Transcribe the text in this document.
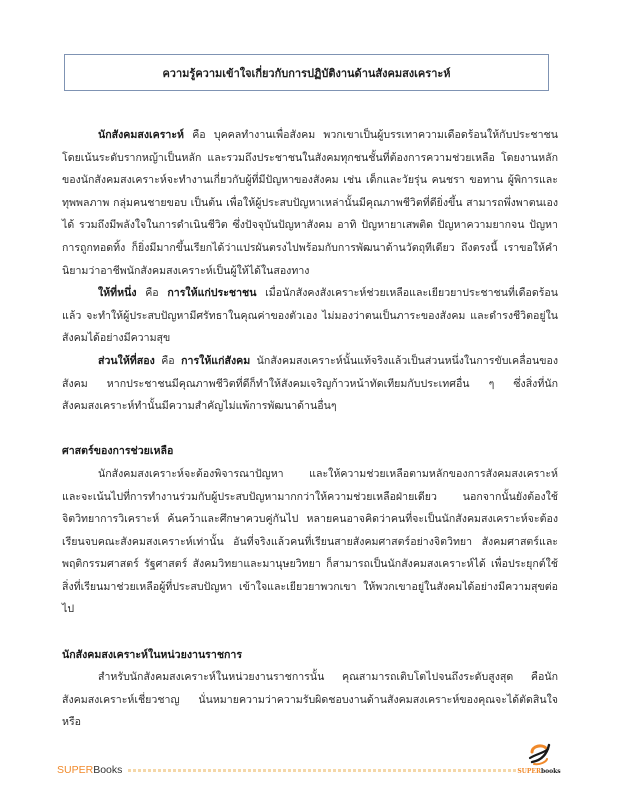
ความรู้ความเข้าใจเกี่ยวกับการปฏิบัติงานด้านสังคมสงเคราะห์

นักสังคมสงเคราะห์ คือ บุคคลทำงานเพื่อสังคม พวกเขาเป็นผู้บรรเทาความเดือดร้อนให้กับประชาชนโดยเน้นระดับรากหญ้าเป็นหลัก และรวมถึงประชาชนในสังคมทุกชนชั้นที่ต้องการความช่วยเหลือ โดยงานหลักของนักสังคมสงเคราะห์จะทำงานเกี่ยวกับผู้ที่มีปัญหาของสังคม เช่น เด็กและวัยรุ่น คนชรา ขอทาน ผู้พิการและทุพพลภาพ กลุ่มคนชายขอบ เป็นต้น เพื่อให้ผู้ประสบปัญหาเหล่านั้นมีคุณภาพชีวิตที่ดียิ่งขึ้น สามารถพึ่งพาตนเองได้ รวมถึงมีพลังใจในการดำเนินชีวิต ซึ่งปัจจุบันปัญหาสังคม อาทิ ปัญหายาเสพติด ปัญหาความยากจน ปัญหาการถูกทอดทิ้ง ก็ยิ่งมีมากขึ้นเรียกได้ว่าแปรผันตรงไปพร้อมกับการพัฒนาด้านวัตถุทีเดียว ถึงตรงนี้ เราขอให้คำนิยามว่าอาชีพนักสังคมสงเคราะห์เป็นผู้ให้ได้ในสองทาง

ให้ที่หนึ่ง คือ การให้แก่ประชาชน เมื่อนักสังคงสังเคราะห์ช่วยเหลือและเยียวยาประชาชนที่เดือดร้อนแล้ว จะทำให้ผู้ประสบปัญหามีศรัทธาในคุณค่าของตัวเอง ไม่มองว่าตนเป็นภาระของสังคม และดำรงชีวิตอยู่ในสังคมได้อย่างมีความสุข

ส่วนให้ที่สอง คือ การให้แก่สังคม นักสังคมสงเคราะห์นั้นแท้จริงแล้วเป็นส่วนหนึ่งในการขับเคลื่อนของสังคม หากประชาชนมีคุณภาพชีวิตที่ดีก็ทำให้สังคมเจริญก้าวหน้าทัดเทียมกับประเทศอื่น ๆ ซึ่งสิ่งที่นักสังคมสงเคราะห์ทำนั้นมีความสำคัญไม่แพ้การพัฒนาด้านอื่นๆ

ศาสตร์ของการช่วยเหลือ

นักสังคมสงเคราะห์จะต้องพิจารณาปัญหา และให้ความช่วยเหลือตามหลักของการสังคมสงเคราะห์ และจะเน้นไปที่การทำงานร่วมกับผู้ประสบปัญหามากกว่าให้ความช่วยเหลือฝ่ายเดียว นอกจากนั้นยังต้องใช้จิตวิทยาการวิเคราะห์ ค้นคว้าและศึกษาควบคู่กันไป หลายคนอาจคิดว่าคนที่จะเป็นนักสังคมสงเคราะห์จะต้องเรียนจบคณะสังคมสงเคราะห์เท่านั้น อันที่จริงแล้วคนที่เรียนสายสังคมศาสตร์อย่างจิตวิทยา สังคมศาสตร์และพฤติกรรมศาสตร์ รัฐศาสตร์ สังคมวิทยาและมานุษยวิทยา ก็สามารถเป็นนักสังคมสงเคราะห์ได้ เพื่อประยุกต์ใช้สิ่งที่เรียนมาช่วยเหลือผู้ที่ประสบปัญหา เข้าใจและเยียวยาพวกเขา ให้พวกเขาอยู่ในสังคมได้อย่างมีความสุขต่อไป

นักสังคมสงเคราะห์ในหน่วยงานราชการ

สำหรับนักสังคมสงเคราะห์ในหน่วยงานราชการนั้น คุณสามารถเติบโตไปจนถึงระดับสูงสุด คือนักสังคมสงเคราะห์เชี่ยวชาญ นั่นหมายความว่าความรับผิดชอบงานด้านสังคมสงเคราะห์ของคุณจะได้ตัดสินใจหรือ

SUPERBooks	SUPERbooks
